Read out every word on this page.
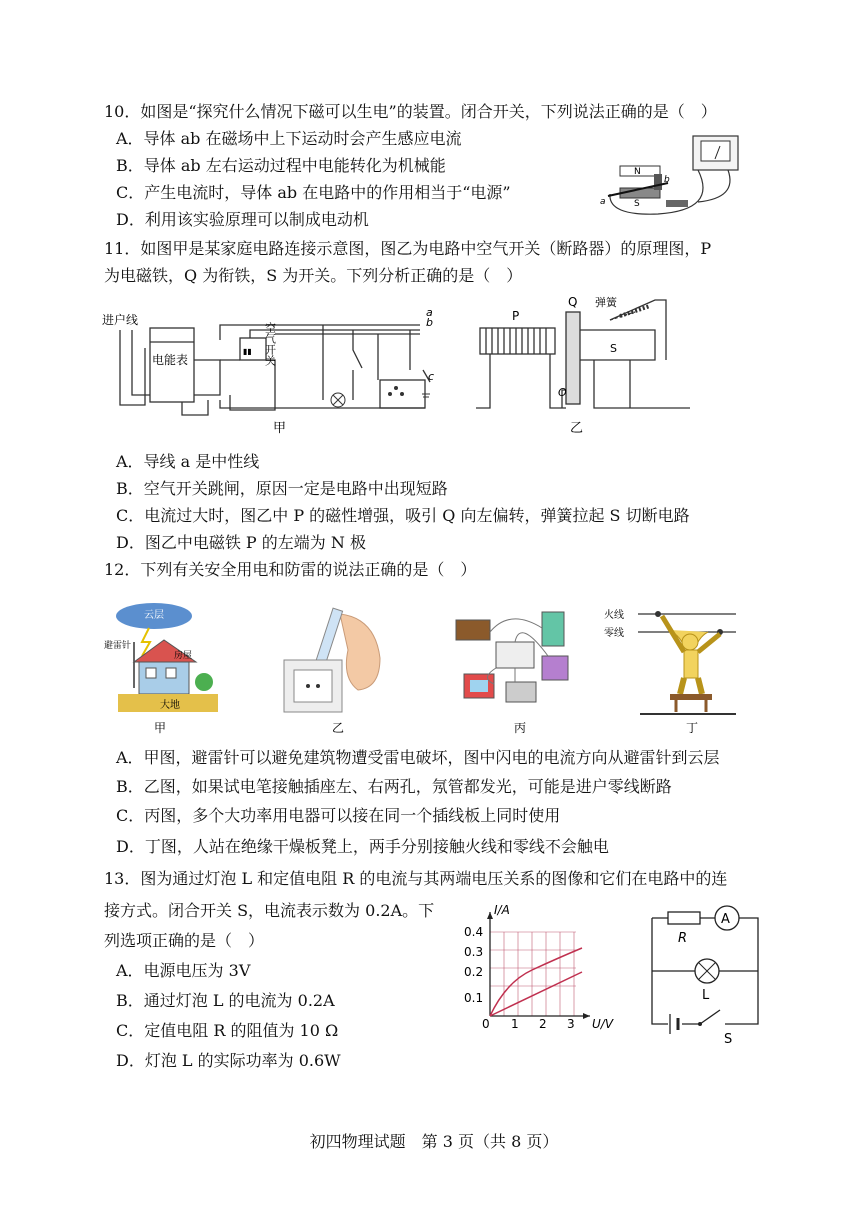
10．如图是“探究什么情况下磁可以生电”的装置。闭合开关，下列说法正确的是（　）
A．导体 ab 在磁场中上下运动时会产生感应电流
B．导体 ab 左右运动过程中电能转化为机械能
C．产生电流时，导体 ab 在电路中的作用相当于“电源”
D．利用该实验原理可以制成电动机
N
S
a
b
11．如图甲是某家庭电路连接示意图，图乙为电路中空气开关（断路器）的原理图，P
为电磁铁，Q 为衔铁，S 为开关。下列分析正确的是（　）
进户线
电能表
▮▮ 空气开关
a
b
c
甲
P
Q 弹簧
S
O
乙
A．导线 a 是中性线
B．空气开关跳闸，原因一定是电路中出现短路
C．电流过大时，图乙中 P 的磁性增强，吸引 Q 向左偏转，弹簧拉起 S 切断电路
D．图乙中电磁铁 P 的左端为 N 极
12．下列有关安全用电和防雷的说法正确的是（　）
云层
避雷针
房屋
大地
甲	乙	丙
火线
零线
丁
A．甲图，避雷针可以避免建筑物遭受雷电破坏，图中闪电的电流方向从避雷针到云层
B．乙图，如果试电笔接触插座左、右两孔，氖管都发光，可能是进户零线断路
C．丙图，多个大功率用电器可以接在同一个插线板上同时使用
D．丁图，人站在绝缘干燥板凳上，两手分别接触火线和零线不会触电
13．图为通过灯泡 L 和定值电阻 R 的电流与其两端电压关系的图像和它们在电路中的连
接方式。闭合开关 S，电流表示数为 0.2A。下
列选项正确的是（　）
A．电源电压为 3V
B．通过灯泡 L 的电流为 0.2A
C．定值电阻 R 的阻值为 10 Ω
D．灯泡 L 的实际功率为 0.6W
I/A
U/V
0 1 2 3
0.1
0.2
0.3
0.4	R
A
L
S
初四物理试题　第 3 页（共 8 页）
